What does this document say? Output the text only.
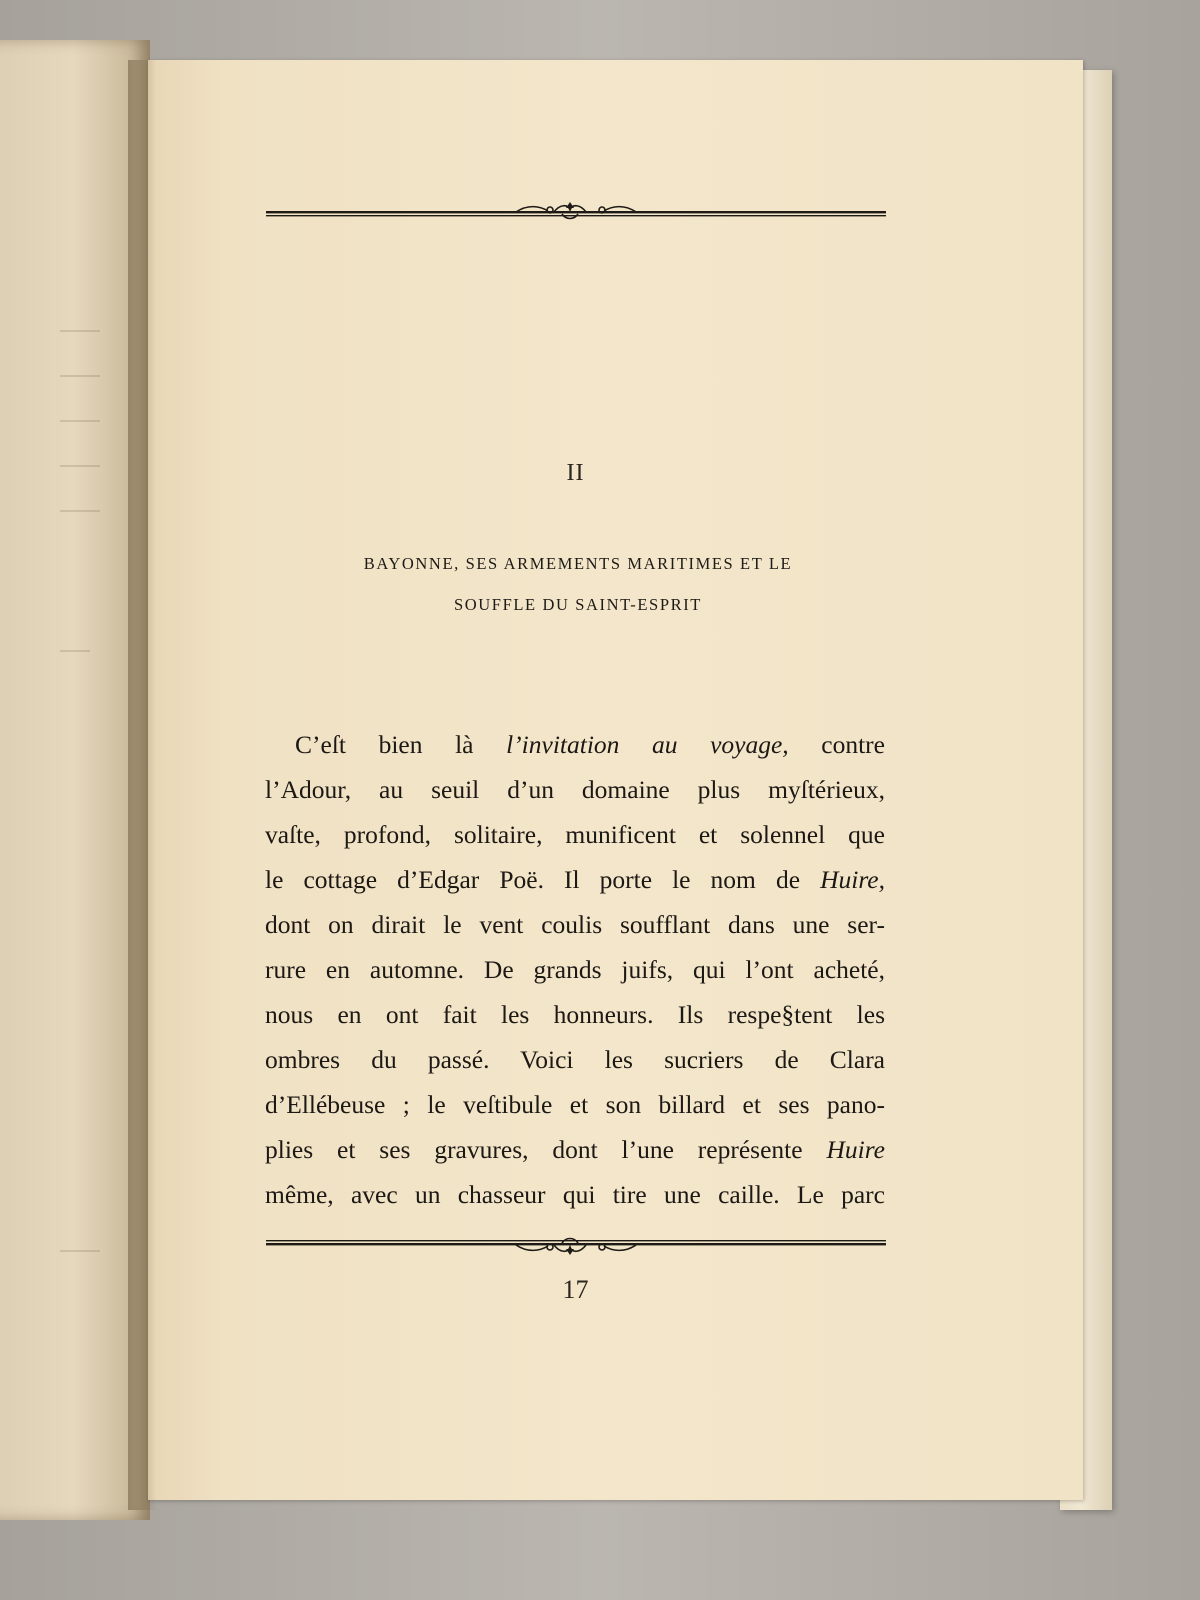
II
BAYONNE, SES ARMEMENTS MARITIMES ET LE
SOUFFLE DU SAINT-ESPRIT
C’eſt bien là l’invitation au voyage, contre
l’Adour, au seuil d’un domaine plus myſtérieux,
vaſte, profond, solitaire, munificent et solennel que
le cottage d’Edgar Poë. Il porte le nom de Huire,
dont on dirait le vent coulis soufflant dans une ser-
rure en automne. De grands juifs, qui l’ont acheté,
nous en ont fait les honneurs. Ils respe§tent les
ombres du passé. Voici les sucriers de Clara
d’Ellébeuse ; le veſtibule et son billard et ses pano-
plies et ses gravures, dont l’une représente Huire
même, avec un chasseur qui tire une caille. Le parc
17
